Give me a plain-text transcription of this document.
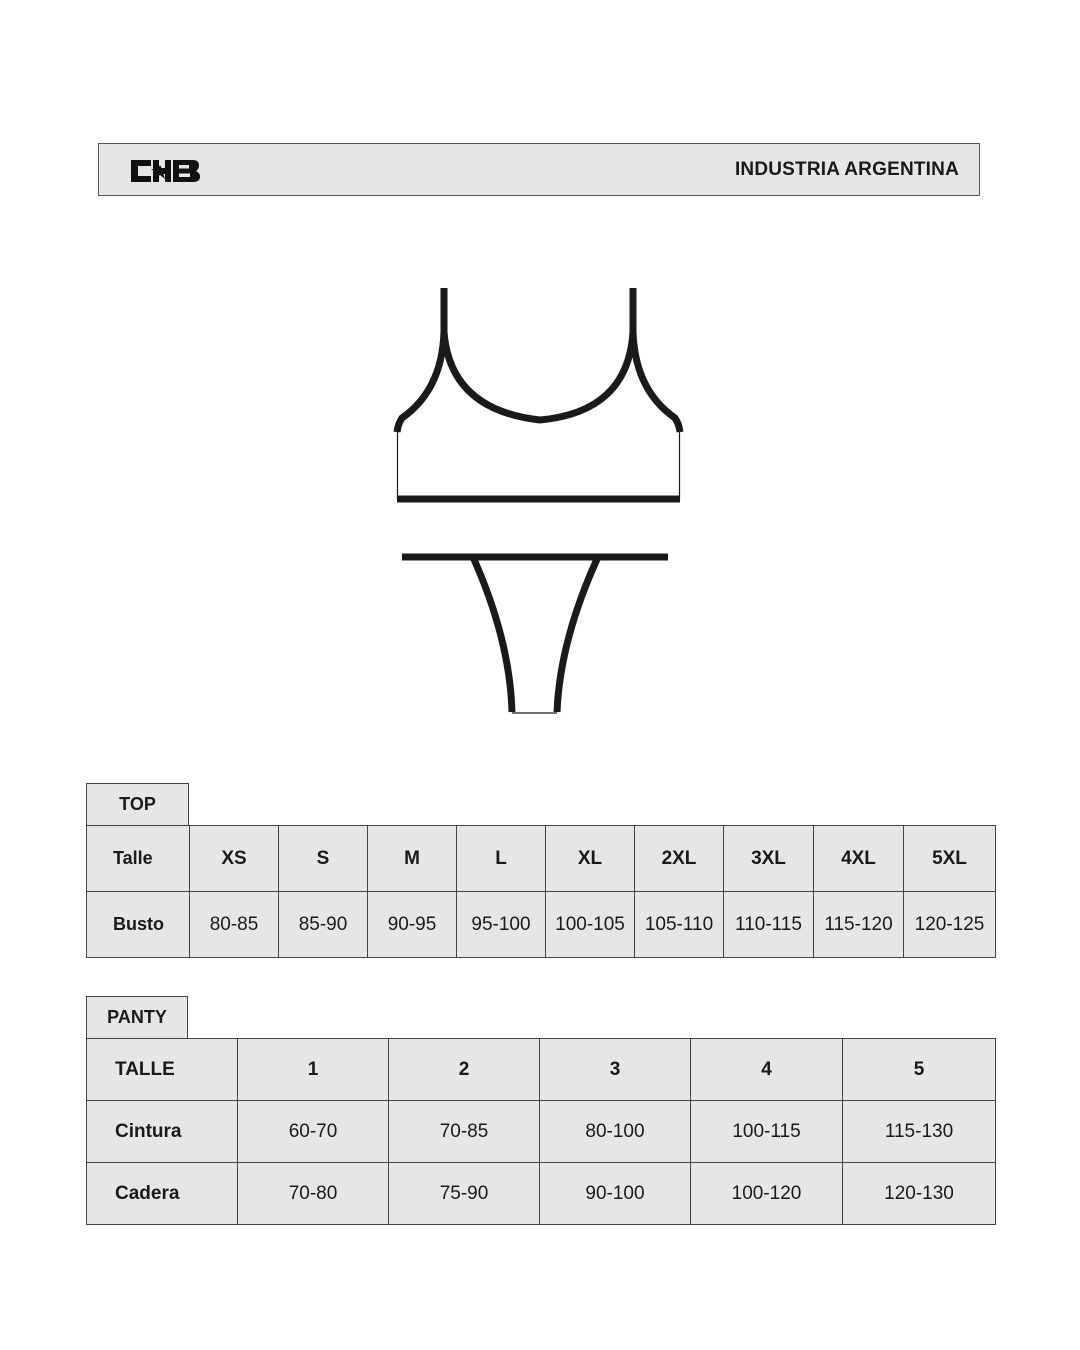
INDUSTRIA ARGENTINA
TOP
Talle	XS	S	M	L	XL	2XL	3XL	4XL	5XL
Busto	80-85	85-90	90-95	95-100	100-105	105-110	110-115	115-120	120-125
PANTY
TALLE	1	2	3	4	5
Cintura	60-70	70-85	80-100	100-115	115-130
Cadera	70-80	75-90	90-100	100-120	120-130
